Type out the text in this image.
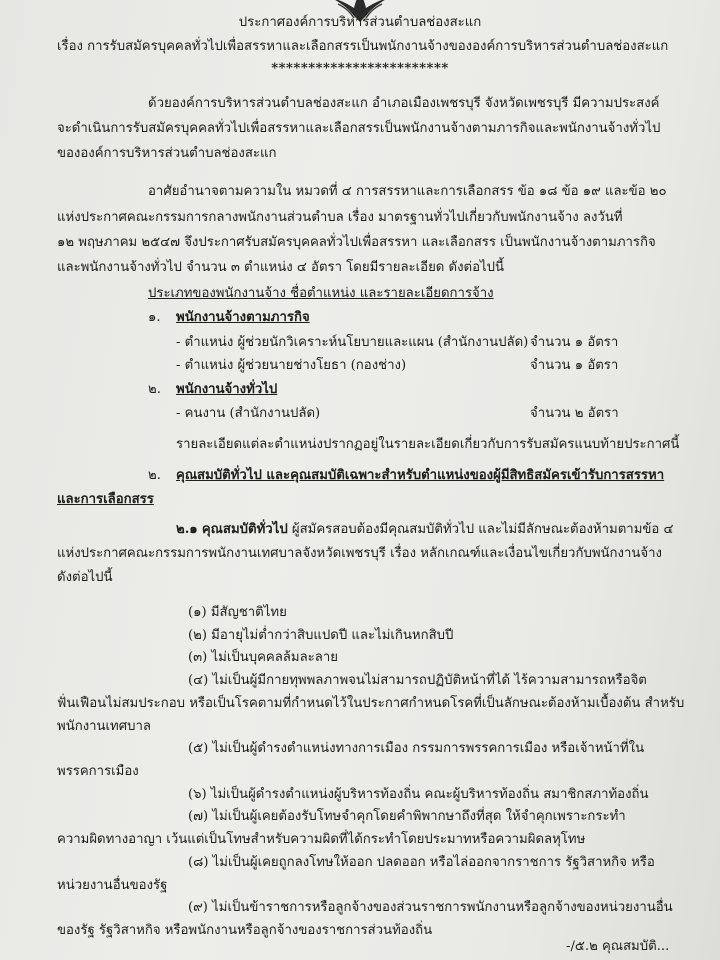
ประกาศองค์การบริหารส่วนตำบลช่องสะแก
เรื่อง การรับสมัครบุคคลทั่วไปเพื่อสรรหาและเลือกสรรเป็นพนักงานจ้างขององค์การบริหารส่วนตำบลช่องสะแก
************************
ด้วยองค์การบริหารส่วนตำบลช่องสะแก อำเภอเมืองเพชรบุรี จังหวัดเพชรบุรี มีความประสงค์
จะดำเนินการรับสมัครบุคคลทั่วไปเพื่อสรรหาและเลือกสรรเป็นพนักงานจ้างตามภารกิจและพนักงานจ้างทั่วไป
ขององค์การบริหารส่วนตำบลช่องสะแก
อาศัยอำนาจตามความใน หมวดที่ ๔ การสรรหาและการเลือกสรร ข้อ ๑๘ ข้อ ๑๙ และข้อ ๒๐
แห่งประกาศคณะกรรมการกลางพนักงานส่วนตำบล เรื่อง มาตรฐานทั่วไปเกี่ยวกับพนักงานจ้าง ลงวันที่
๑๒ พฤษภาคม ๒๕๔๗ จึงประกาศรับสมัครบุคคลทั่วไปเพื่อสรรหา และเลือกสรร เป็นพนักงานจ้างตามภารกิจ
และพนักงานจ้างทั่วไป จำนวน ๓ ตำแหน่ง ๔ อัตรา โดยมีรายละเอียด ดังต่อไปนี้
ประเภทของพนักงานจ้าง ชื่อตำแหน่ง และรายละเอียดการจ้าง
๑. พนักงานจ้างตามภารกิจ
- ตำแหน่ง ผู้ช่วยนักวิเคราะห์นโยบายและแผน (สำนักงานปลัด) จำนวน ๑ อัตรา
- ตำแหน่ง ผู้ช่วยนายช่างโยธา (กองช่าง)	จำนวน ๑ อัตรา
๒. พนักงานจ้างทั่วไป
- คนงาน (สำนักงานปลัด)	จำนวน ๒ อัตรา
รายละเอียดแต่ละตำแหน่งปรากฏอยู่ในรายละเอียดเกี่ยวกับการรับสมัครแนบท้ายประกาศนี้
๒. คุณสมบัติทั่วไป และคุณสมบัติเฉพาะสำหรับตำแหน่งของผู้มีสิทธิสมัครเข้ารับการสรรหา
และการเลือกสรร
๒.๑ คุณสมบัติทั่วไป ผู้สมัครสอบต้องมีคุณสมบัติทั่วไป และไม่มีลักษณะต้องห้ามตามข้อ ๔
แห่งประกาศคณะกรรมการพนักงานเทศบาลจังหวัดเพชรบุรี เรื่อง หลักเกณฑ์และเงื่อนไขเกี่ยวกับพนักงานจ้าง
ดังต่อไปนี้
(๑) มีสัญชาติไทย
(๒) มีอายุไม่ต่ำกว่าสิบแปดปี และไม่เกินหกสิบปี
(๓) ไม่เป็นบุคคลล้มละลาย
(๔) ไม่เป็นผู้มีกายทุพพลภาพจนไม่สามารถปฏิบัติหน้าที่ได้ ไร้ความสามารถหรือจิต
ฟั่นเฟือนไม่สมประกอบ หรือเป็นโรคตามที่กำหนดไว้ในประกาศกำหนดโรคที่เป็นลักษณะต้องห้ามเบื้องต้น สำหรับ
พนักงานเทศบาล
(๕) ไม่เป็นผู้ดำรงตำแหน่งทางการเมือง กรรมการพรรคการเมือง หรือเจ้าหน้าที่ใน
พรรคการเมือง
(๖) ไม่เป็นผู้ดำรงตำแหน่งผู้บริหารท้องถิ่น คณะผู้บริหารท้องถิ่น สมาชิกสภาท้องถิ่น
(๗) ไม่เป็นผู้เคยต้องรับโทษจำคุกโดยคำพิพากษาถึงที่สุด ให้จำคุกเพราะกระทำ
ความผิดทางอาญา เว้นแต่เป็นโทษสำหรับความผิดที่ได้กระทำโดยประมาทหรือความผิดลหุโทษ
(๘) ไม่เป็นผู้เคยถูกลงโทษให้ออก ปลดออก หรือไล่ออกจากราชการ รัฐวิสาหกิจ หรือ
หน่วยงานอื่นของรัฐ
(๙) ไม่เป็นข้าราชการหรือลูกจ้างของส่วนราชการพนักงานหรือลูกจ้างของหน่วยงานอื่น
ของรัฐ รัฐวิสาหกิจ หรือพนักงานหรือลูกจ้างของราชการส่วนท้องถิ่น
-/๕.๒ คุณสมบัติ...
